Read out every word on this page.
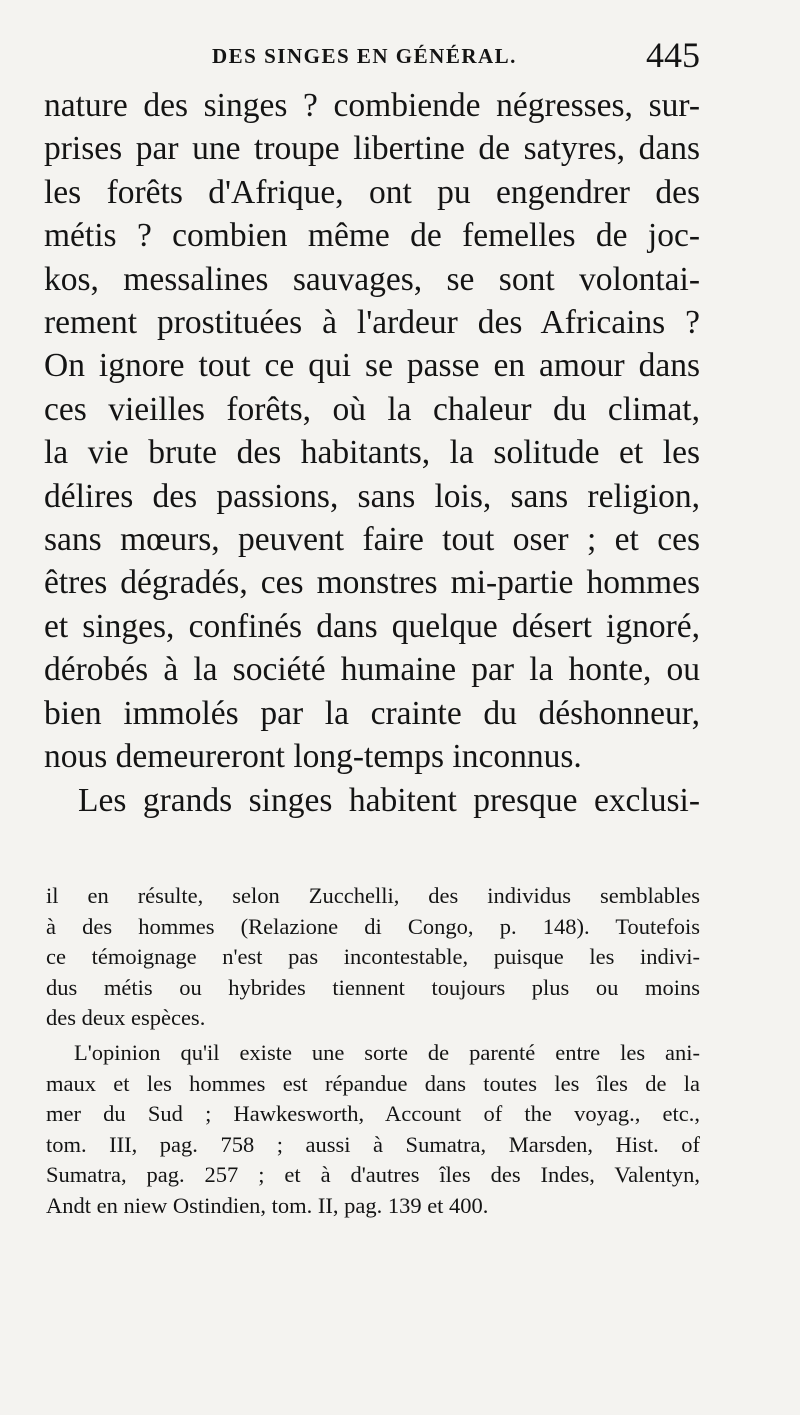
DES SINGES EN GÉNÉRAL.	445
nature des singes ? combiende négresses, sur-
prises par une troupe libertine de satyres, dans
les forêts d'Afrique, ont pu engendrer des
métis ? combien même de femelles de joc-
kos, messalines sauvages, se sont volontai-
rement prostituées à l'ardeur des Africains ?
On ignore tout ce qui se passe en amour dans
ces vieilles forêts, où la chaleur du climat,
la vie brute des habitants, la solitude et les
délires des passions, sans lois, sans religion,
sans mœurs, peuvent faire tout oser ; et ces
êtres dégradés, ces monstres mi-partie hommes
et singes, confinés dans quelque désert ignoré,
dérobés à la société humaine par la honte, ou
bien immolés par la crainte du déshonneur,
nous demeureront long-temps inconnus.
Les grands singes habitent presque exclusi-
il en résulte, selon Zucchelli, des individus semblables
à des hommes (Relazione di Congo, p. 148). Toutefois
ce témoignage n'est pas incontestable, puisque les indivi-
dus métis ou hybrides tiennent toujours plus ou moins
des deux espèces.
L'opinion qu'il existe une sorte de parenté entre les ani-
maux et les hommes est répandue dans toutes les îles de la
mer du Sud ; Hawkesworth, Account of the voyag., etc.,
tom. III, pag. 758 ; aussi à Sumatra, Marsden, Hist. of
Sumatra, pag. 257 ; et à d'autres îles des Indes, Valentyn,
Andt en niew Ostindien, tom. II, pag. 139 et 400.
